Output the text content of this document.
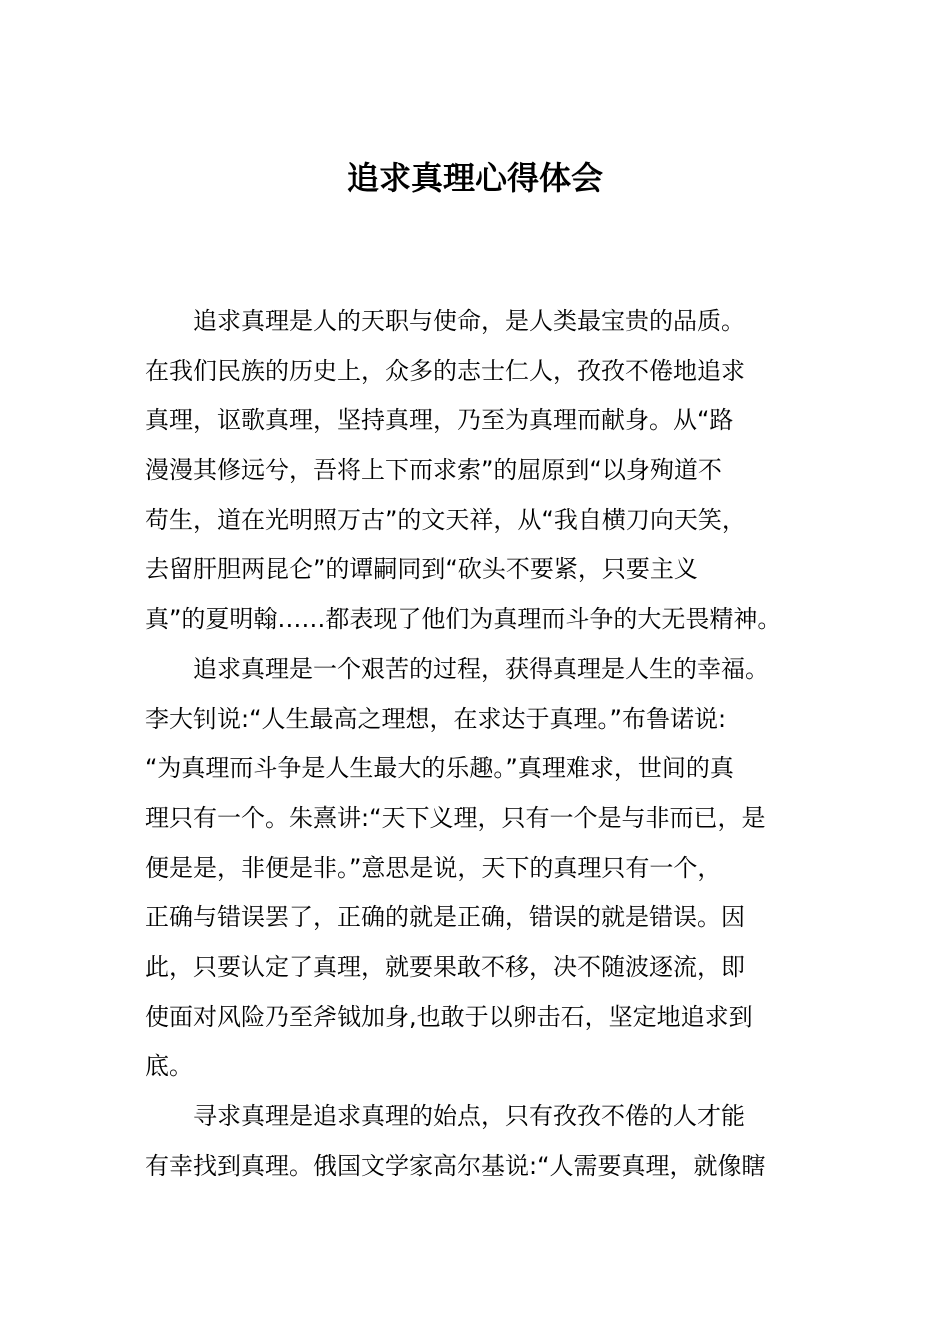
追求真理心得体会
追求真理是人的天职与使命，是人类最宝贵的品质。
在我们民族的历史上，众多的志士仁人，孜孜不倦地追求
真理，讴歌真理，坚持真理，乃至为真理而献身。从“路
漫漫其修远兮，吾将上下而求索”的屈原到“以身殉道不
苟生，道在光明照万古”的文天祥，从“我自横刀向天笑，
去留肝胆两昆仑”的谭嗣同到“砍头不要紧，只要主义
真”的夏明翰……都表现了他们为真理而斗争的大无畏精神。
追求真理是一个艰苦的过程，获得真理是人生的幸福。
李大钊说:“人生最高之理想，在求达于真理。”布鲁诺说:
“为真理而斗争是人生最大的乐趣。”真理难求，世间的真
理只有一个。朱熹讲:“天下义理，只有一个是与非而已，是
便是是，非便是非。”意思是说，天下的真理只有一个，
正确与错误罢了，正确的就是正确，错误的就是错误。因
此，只要认定了真理，就要果敢不移，决不随波逐流，即
使面对风险乃至斧钺加身,也敢于以卵击石，坚定地追求到
底。
寻求真理是追求真理的始点，只有孜孜不倦的人才能
有幸找到真理。俄国文学家高尔基说:“人需要真理，就像瞎
